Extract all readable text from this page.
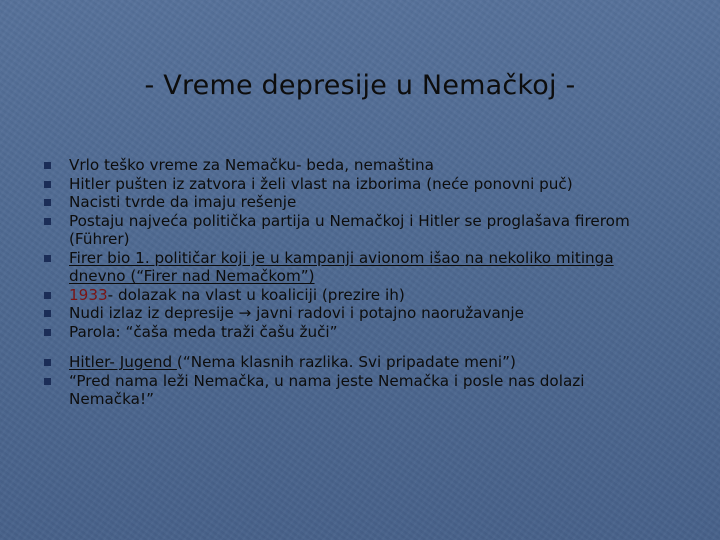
- Vreme depresije u Nemačkoj -
Vrlo teško vreme za Nemačku- beda, nemaština
Hitler pušten iz zatvora i želi vlast na izborima (neće ponovni puč)
Nacisti tvrde da imaju rešenje
Postaju najveća politička partija u Nemačkoj i Hitler se proglašava firerom (Führer)
Firer bio 1. političar koji je u kampanji avionom išao na nekoliko mitinga dnevno (“Firer nad Nemačkom”)
1933- dolazak na vlast u koaliciji (prezire ih)
Nudi izlaz iz depresije → javni radovi i potajno naoružavanje
Parola: “čaša meda traži čašu žuči”
Hitler- Jugend (“Nema klasnih razlika. Svi pripadate meni”)
“Pred nama leži Nemačka, u nama jeste Nemačka i posle nas dolazi Nemačka!”
